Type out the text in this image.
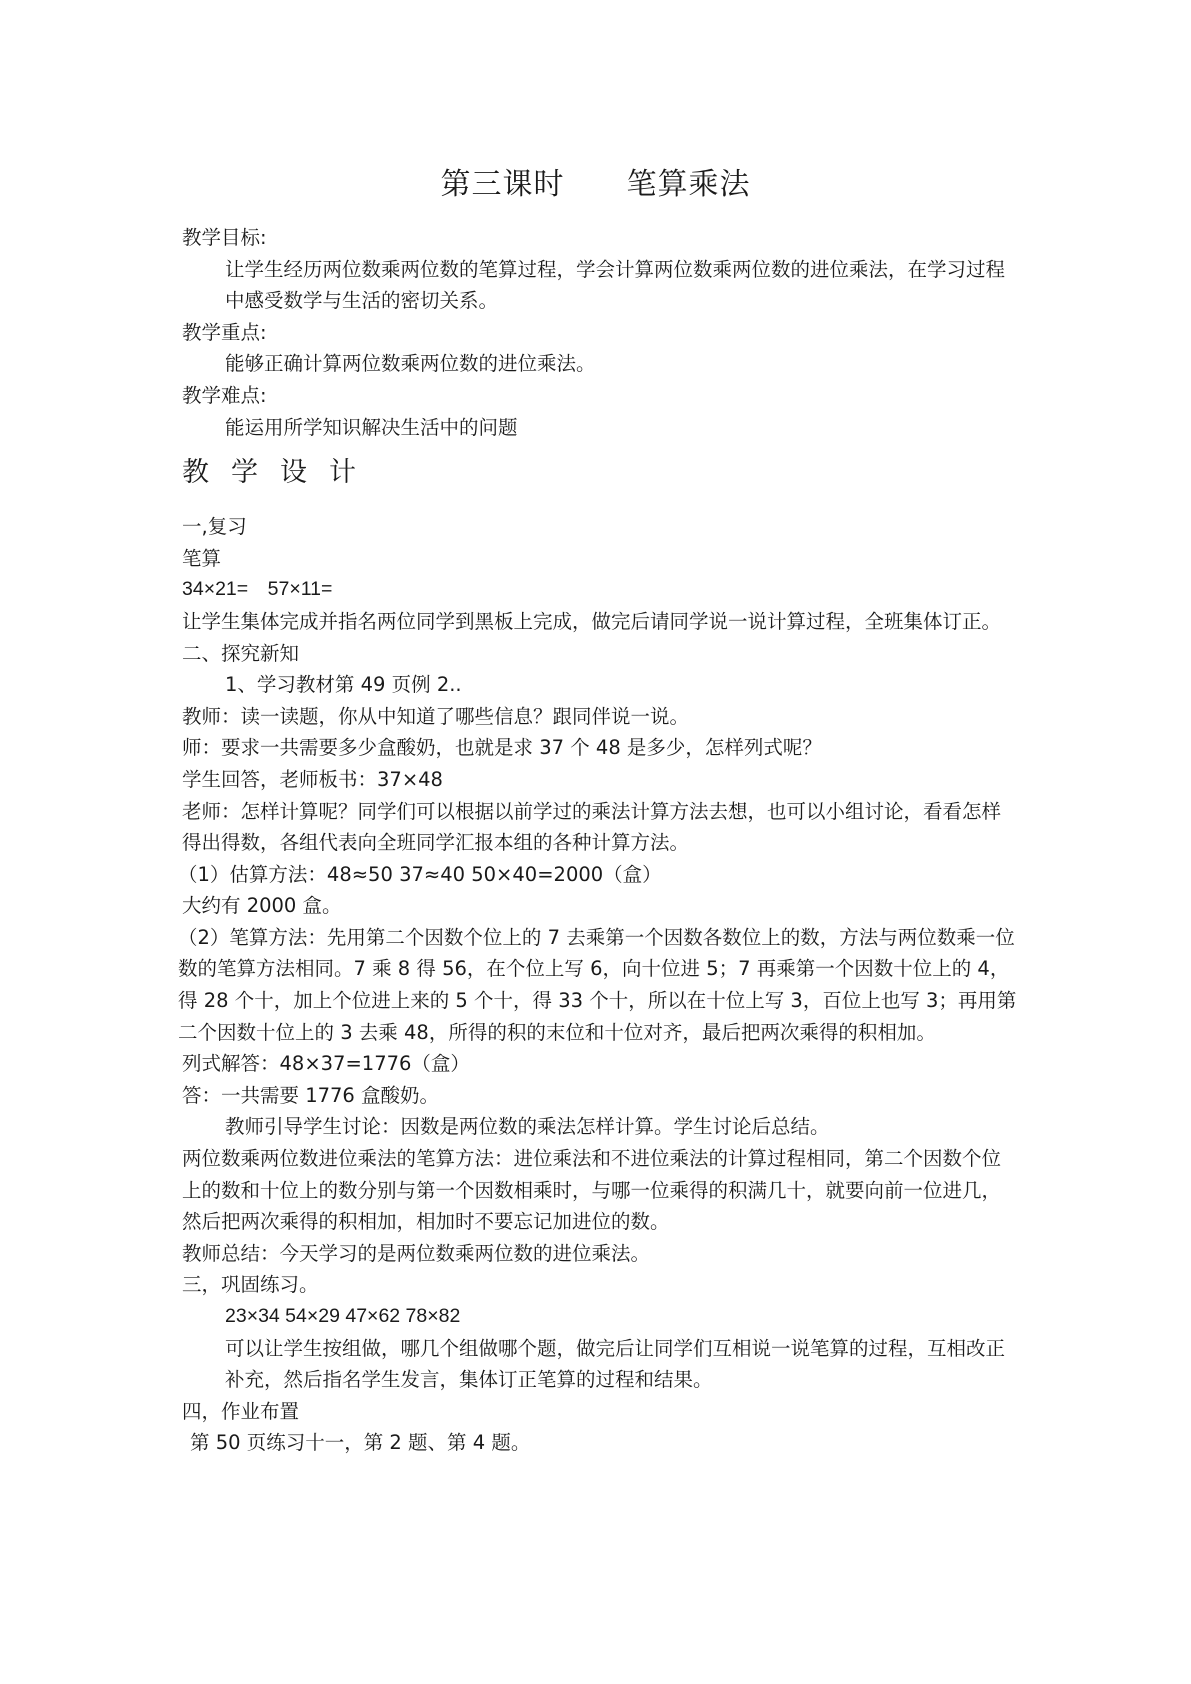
第三课时　　笔算乘法

教学目标:

让学生经历两位数乘两位数的笔算过程，学会计算两位数乘两位数的进位乘法，在学习过程中感受数学与生活的密切关系。

教学重点:

能够正确计算两位数乘两位数的进位乘法。

教学难点:

能运用所学知识解决生活中的问题

教学设计

一,复习

笔算

34×21=　57×11=

让学生集体完成并指名两位同学到黑板上完成，做完后请同学说一说计算过程，全班集体订正。

二、探究新知

1、学习教材第 49 页例 2..

教师：读一读题，你从中知道了哪些信息？跟同伴说一说。

师：要求一共需要多少盒酸奶，也就是求 37 个 48 是多少，怎样列式呢？

学生回答，老师板书：37×48

老师：怎样计算呢？同学们可以根据以前学过的乘法计算方法去想，也可以小组讨论，看看怎样得出得数，各组代表向全班同学汇报本组的各种计算方法。

（1）估算方法：48≈50 37≈40 50×40=2000（盒）

大约有 2000 盒。

（2）笔算方法：先用第二个因数个位上的 7 去乘第一个因数各数位上的数，方法与两位数乘一位数的笔算方法相同。7 乘 8 得 56，在个位上写 6，向十位进 5；7 再乘第一个因数十位上的 4，得 28 个十，加上个位进上来的 5 个十，得 33 个十，所以在十位上写 3，百位上也写 3；再用第二个因数十位上的 3 去乘 48，所得的积的末位和十位对齐，最后把两次乘得的积相加。

列式解答：48×37=1776（盒）

答：一共需要 1776 盒酸奶。

教师引导学生讨论：因数是两位数的乘法怎样计算。学生讨论后总结。

两位数乘两位数进位乘法的笔算方法：进位乘法和不进位乘法的计算过程相同，第二个因数个位上的数和十位上的数分别与第一个因数相乘时，与哪一位乘得的积满几十，就要向前一位进几，然后把两次乘得的积相加，相加时不要忘记加进位的数。

教师总结：今天学习的是两位数乘两位数的进位乘法。

三，巩固练习。

23×34 54×29 47×62 78×82

可以让学生按组做，哪几个组做哪个题，做完后让同学们互相说一说笔算的过程，互相改正补充，然后指名学生发言，集体订正笔算的过程和结果。

四，作业布置

第 50 页练习十一，第 2 题、第 4 题。
